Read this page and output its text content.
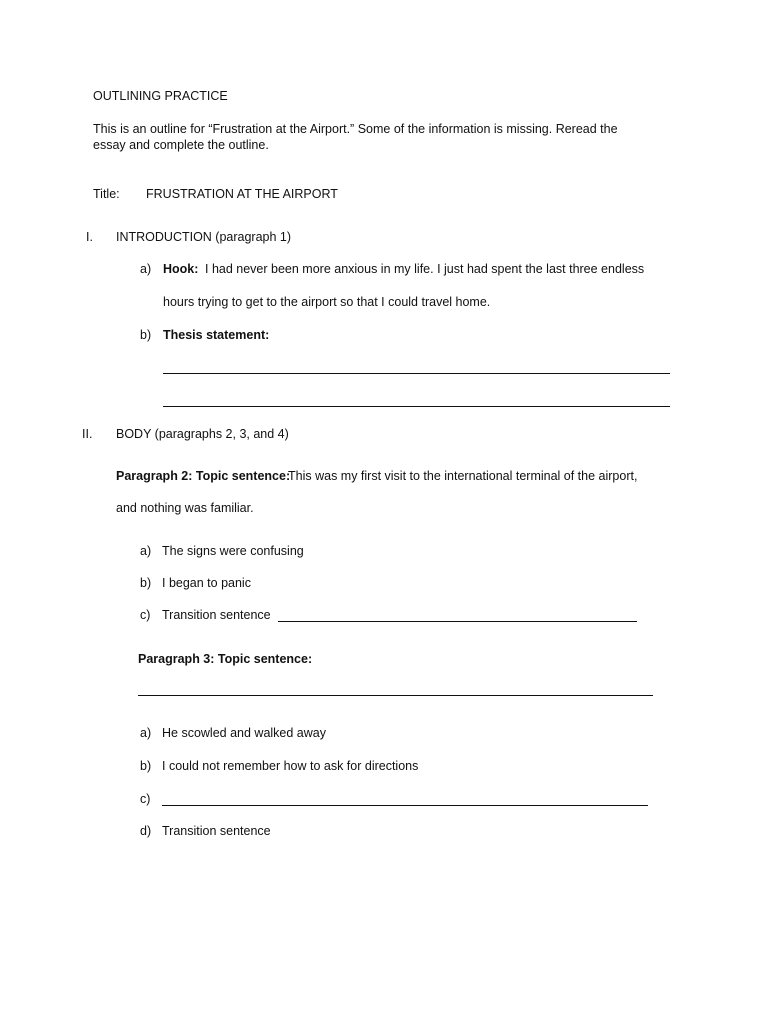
OUTLINING PRACTICE
This is an outline for “Frustration at the Airport.” Some of the information is missing. Reread the
essay and complete the outline.
Title: FRUSTRATION AT THE AIRPORT
I. INTRODUCTION (paragraph 1)
a) Hook: I had never been more anxious in my life. I just had spent the last three endless
hours trying to get to the airport so that I could travel home.
b) Thesis statement:
II. BODY (paragraphs 2, 3, and 4)
Paragraph 2: Topic sentence:
This was my first visit to the international terminal of the airport,
and nothing was familiar.
a) The signs were confusing
b) I began to panic
c) Transition sentence
Paragraph 3: Topic sentence:
a) He scowled and walked away
b) I could not remember how to ask for directions
c)
d) Transition sentence
